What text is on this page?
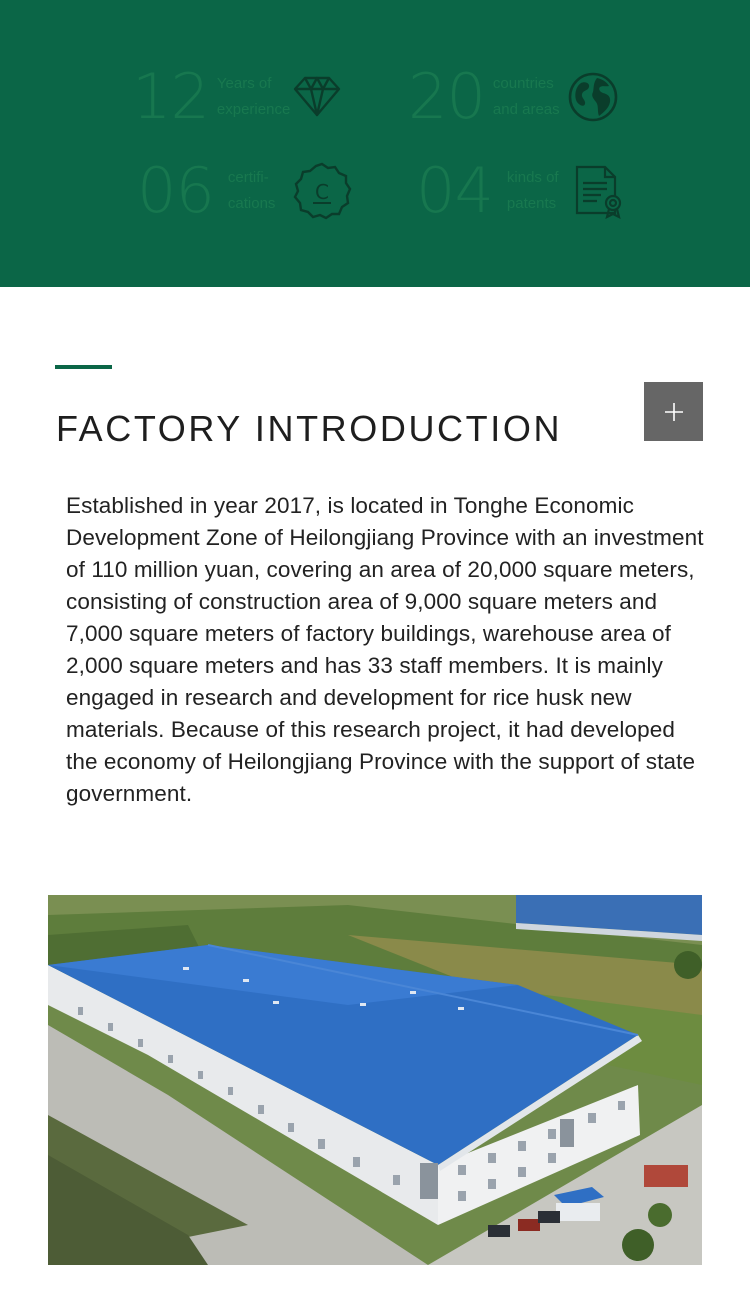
12 Years of
experience 20 countries
and areas
06 certifi-
cations	C 04 kinds of
patents
FACTORY INTRODUCTION

Established in year 2017, is located in Tonghe Economic Development Zone of Heilongjiang Province with an investment of 110 million yuan, covering an area of 20,000 square meters, consisting of construction area of 9,000 square meters and 7,000 square meters of factory buildings, warehouse area of 2,000 square meters and has 33 staff members. It is mainly engaged in research and development for rice husk new materials. Because of this research project, it had developed the economy of Heilongjiang Province with the support of state government.
